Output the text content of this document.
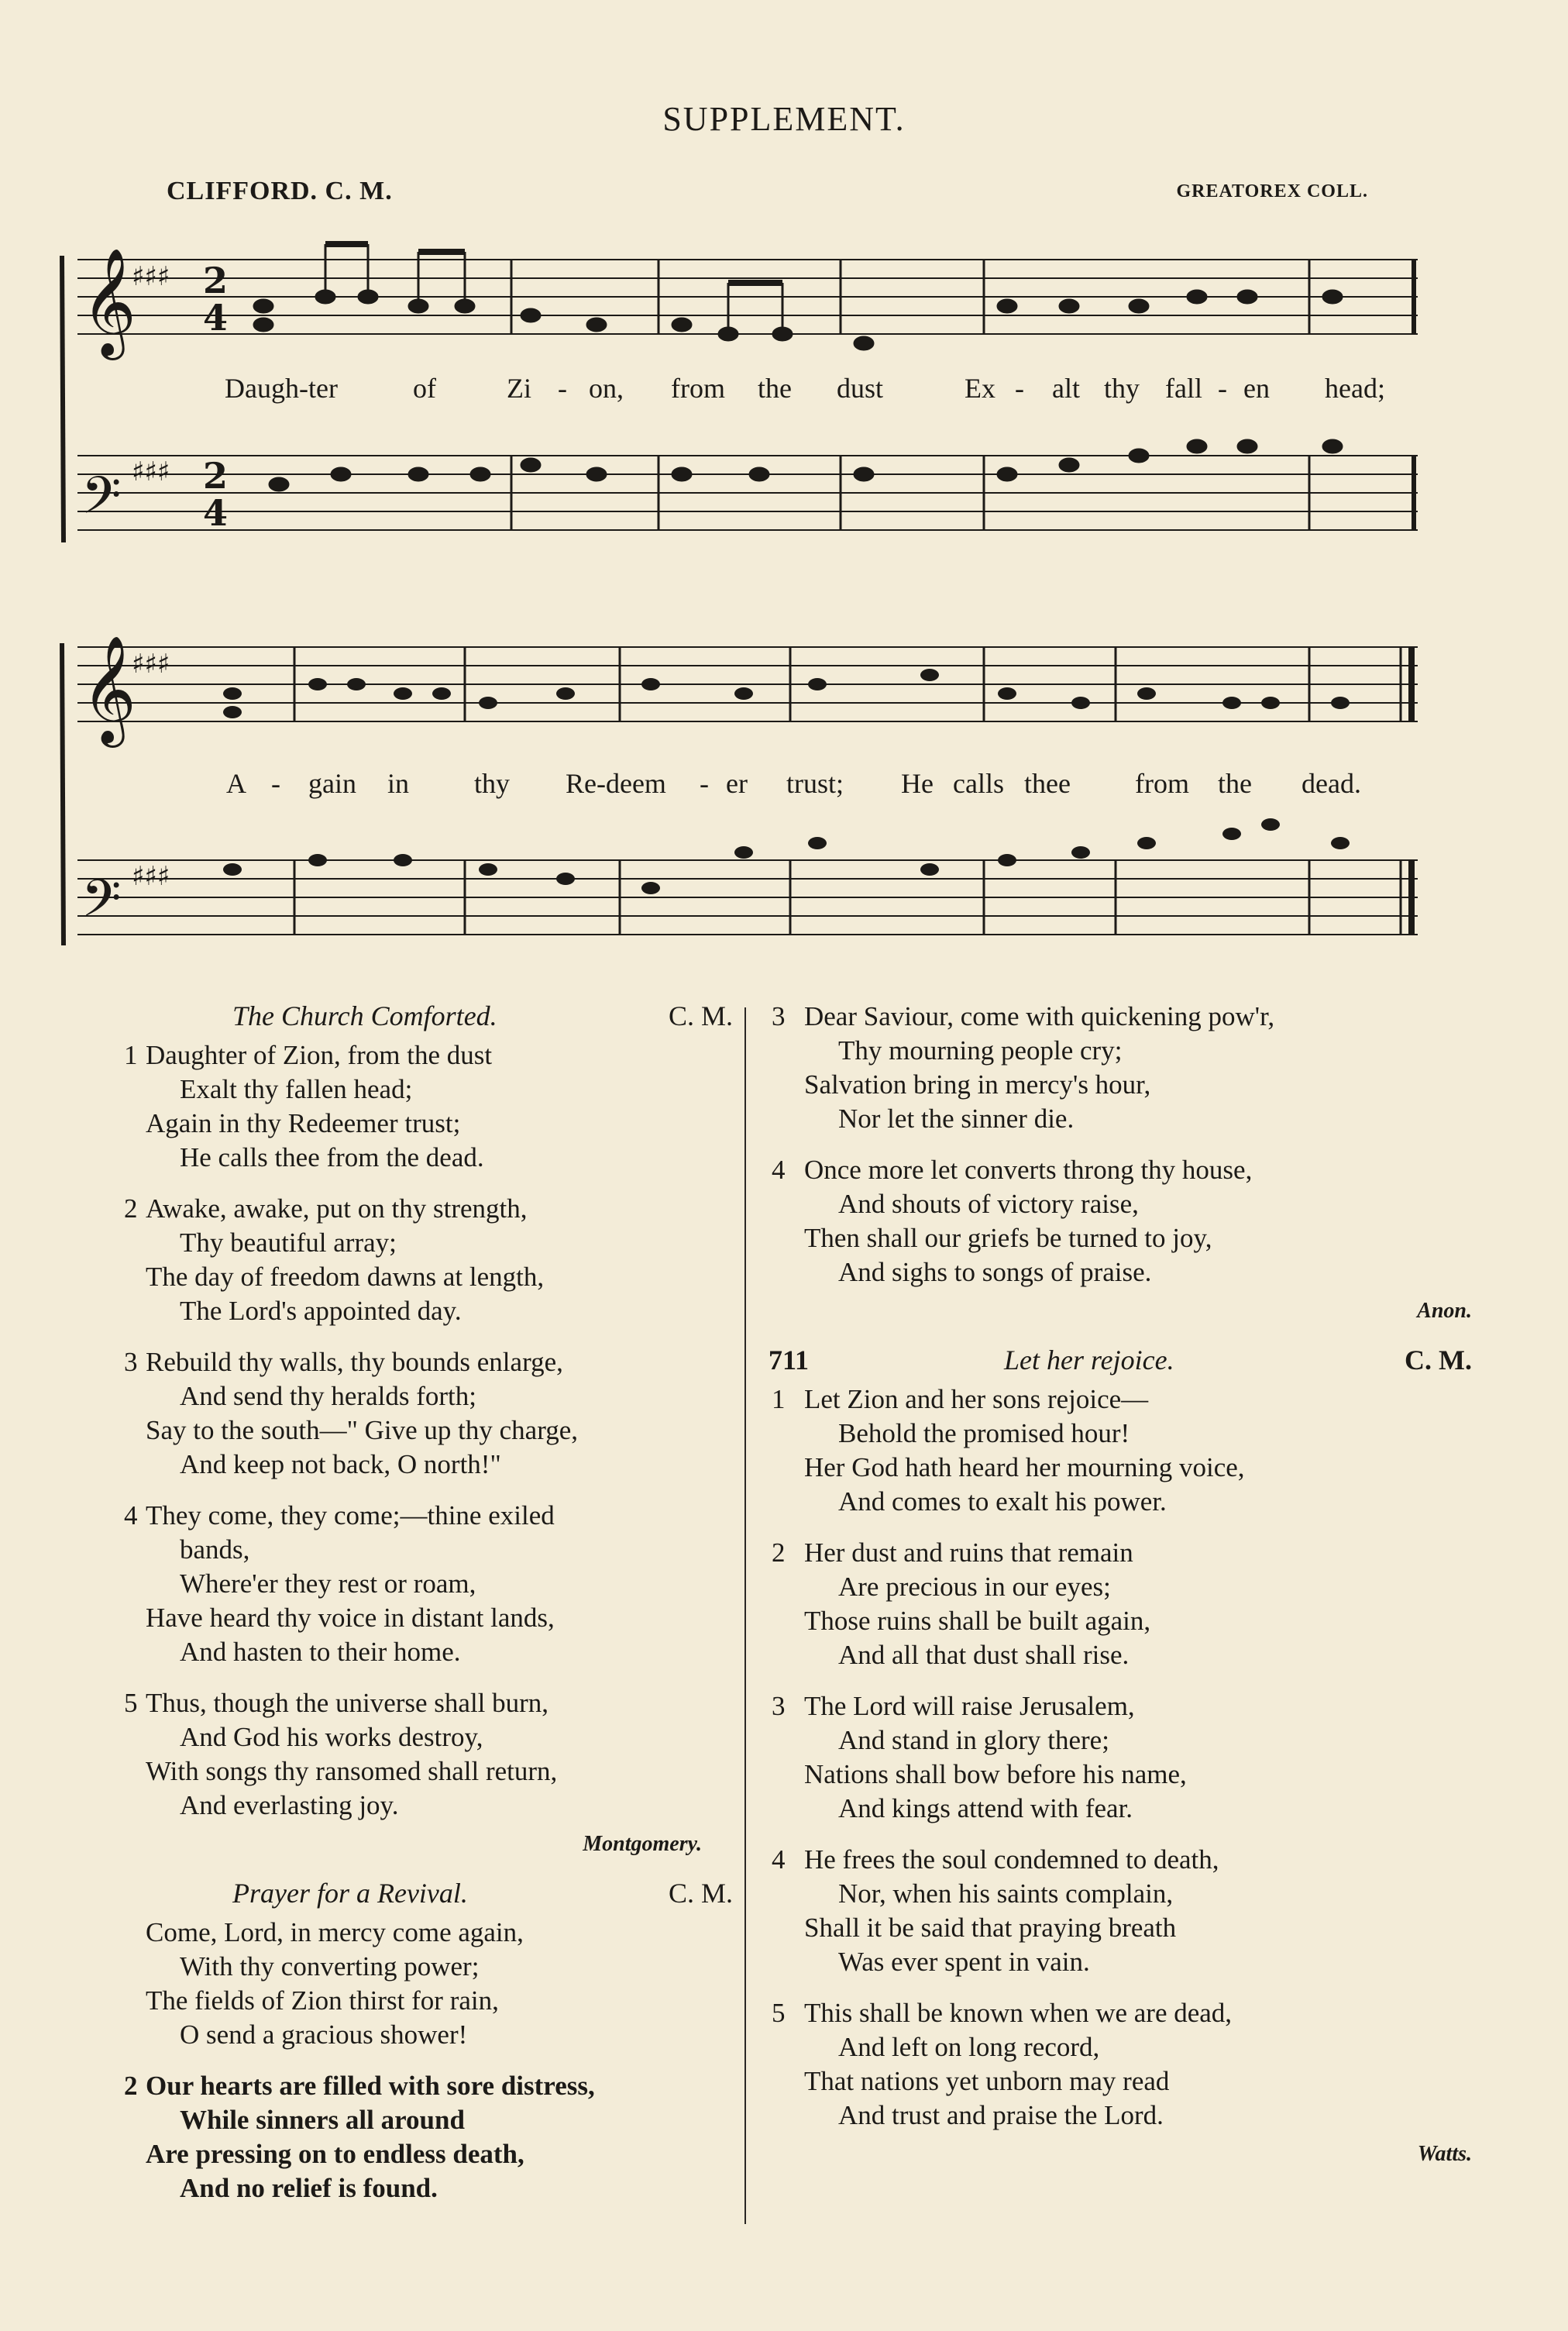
SUPPLEMENT.
CLIFFORD. C. M.	GREATOREX COLL.
𝄞
𝄢
♯♯♯
♯♯♯
2
4
2
4
Daugh-ter	of	Zi - on, from the dust	Ex - alt thy fall - en head;
𝄞
𝄢
♯♯♯
♯♯♯
A - gain in thy Re-deem - er trust; He calls thee from the dead.
The Church Comforted.	C. M.
1 Daughter of Zion, from the dust
Exalt thy fallen head;
Again in thy Redeemer trust;
He calls thee from the dead.
2 Awake, awake, put on thy strength,
Thy beautiful array;
The day of freedom dawns at length,
The Lord's appointed day.
3 Rebuild thy walls, thy bounds enlarge,
And send thy heralds forth;
Say to the south—" Give up thy charge,
And keep not back, O north!"
4 They come, they come;—thine exiled
bands,
Where'er they rest or roam,
Have heard thy voice in distant lands,
And hasten to their home.
5 Thus, though the universe shall burn,
And God his works destroy,
With songs thy ransomed shall return,
And everlasting joy.
Montgomery.
Prayer for a Revival.	C. M.
Come, Lord, in mercy come again,
With thy converting power;
The fields of Zion thirst for rain,
O send a gracious shower!
2 Our hearts are filled with sore distress,
While sinners all around
Are pressing on to endless death,
And no relief is found.
3 Dear Saviour, come with quickening pow'r,
Thy mourning people cry;
Salvation bring in mercy's hour,
Nor let the sinner die.
4 Once more let converts throng thy house,
And shouts of victory raise,
Then shall our griefs be turned to joy,
And sighs to songs of praise.
Anon.
711	Let her rejoice.	C. M.
1 Let Zion and her sons rejoice—
Behold the promised hour!
Her God hath heard her mourning voice,
And comes to exalt his power.
2 Her dust and ruins that remain
Are precious in our eyes;
Those ruins shall be built again,
And all that dust shall rise.
3 The Lord will raise Jerusalem,
And stand in glory there;
Nations shall bow before his name,
And kings attend with fear.
4 He frees the soul condemned to death,
Nor, when his saints complain,
Shall it be said that praying breath
Was ever spent in vain.
5 This shall be known when we are dead,
And left on long record,
That nations yet unborn may read
And trust and praise the Lord.
Watts.
